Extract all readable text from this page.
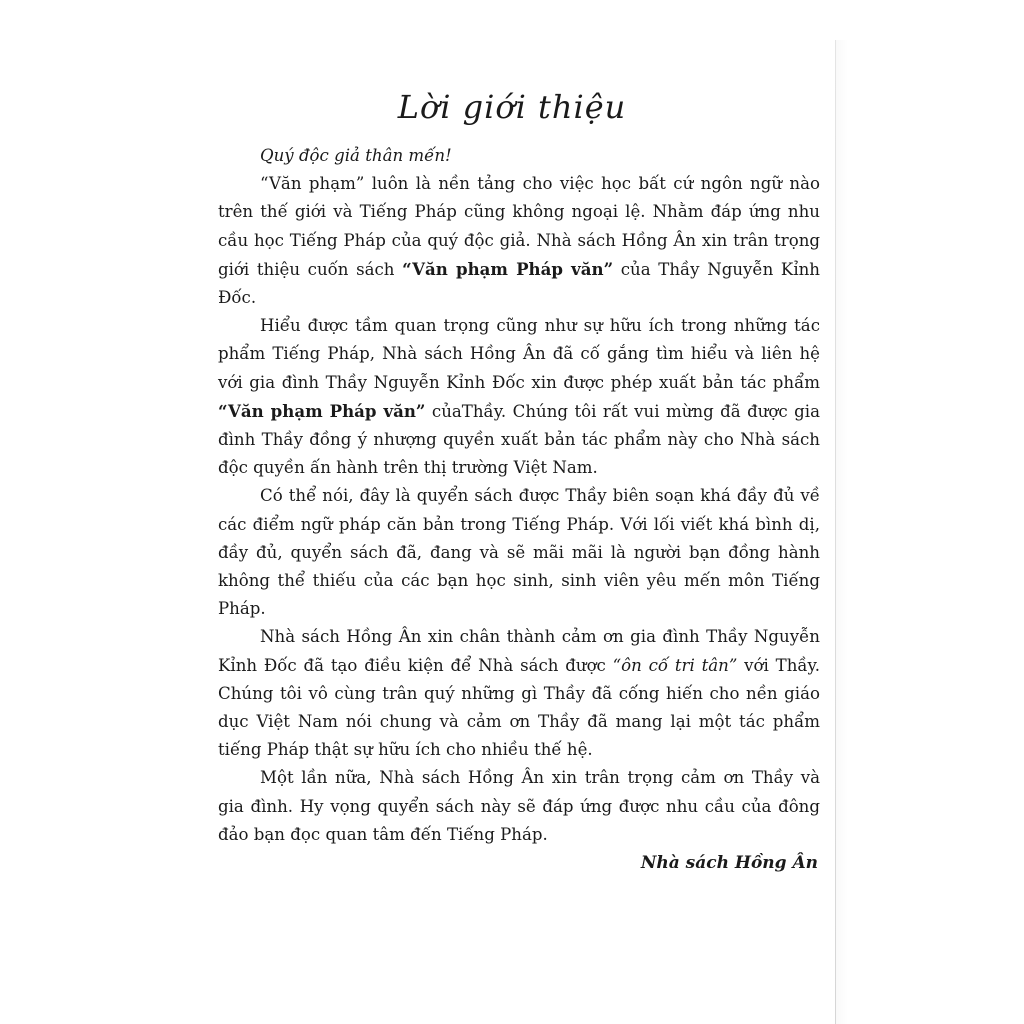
Lời giới thiệu

Quý độc giả thân mến!

“Văn phạm” luôn là nền tảng cho việc học bất cứ ngôn ngữ nào trên thế giới và Tiếng Pháp cũng không ngoại lệ. Nhằm đáp ứng nhu cầu học Tiếng Pháp của quý độc giả. Nhà sách Hồng Ân xin trân trọng giới thiệu cuốn sách “Văn phạm Pháp văn” của Thầy Nguyễn Kỉnh Đốc.

Hiểu được tầm quan trọng cũng như sự hữu ích trong những tác phẩm Tiếng Pháp, Nhà sách Hồng Ân đã cố gắng tìm hiểu và liên hệ với gia đình Thầy Nguyễn Kỉnh Đốc xin được phép xuất bản tác phẩm “Văn phạm Pháp văn” củaThầy. Chúng tôi rất vui mừng đã được gia đình Thầy đồng ý nhượng quyền xuất bản tác phẩm này cho Nhà sách độc quyền ấn hành trên thị trường Việt Nam.

Có thể nói, đây là quyển sách được Thầy biên soạn khá đầy đủ về các điểm ngữ pháp căn bản trong Tiếng Pháp. Với lối viết khá bình dị, đầy đủ, quyển sách đã, đang và sẽ mãi mãi là người bạn đồng hành không thể thiếu của các bạn học sinh, sinh viên yêu mến môn Tiếng Pháp.

Nhà sách Hồng Ân xin chân thành cảm ơn gia đình Thầy Nguyễn Kỉnh Đốc đã tạo điều kiện để Nhà sách được “ôn cố tri tân” với Thầy. Chúng tôi vô cùng trân quý những gì Thầy đã cống hiến cho nền giáo dục Việt Nam nói chung và cảm ơn Thầy đã mang lại một tác phẩm tiếng Pháp thật sự hữu ích cho nhiều thế hệ.

Một lần nữa, Nhà sách Hồng Ân xin trân trọng cảm ơn Thầy và gia đình. Hy vọng quyển sách này sẽ đáp ứng được nhu cầu của đông đảo bạn đọc quan tâm đến Tiếng Pháp.

Nhà sách Hồng Ân
